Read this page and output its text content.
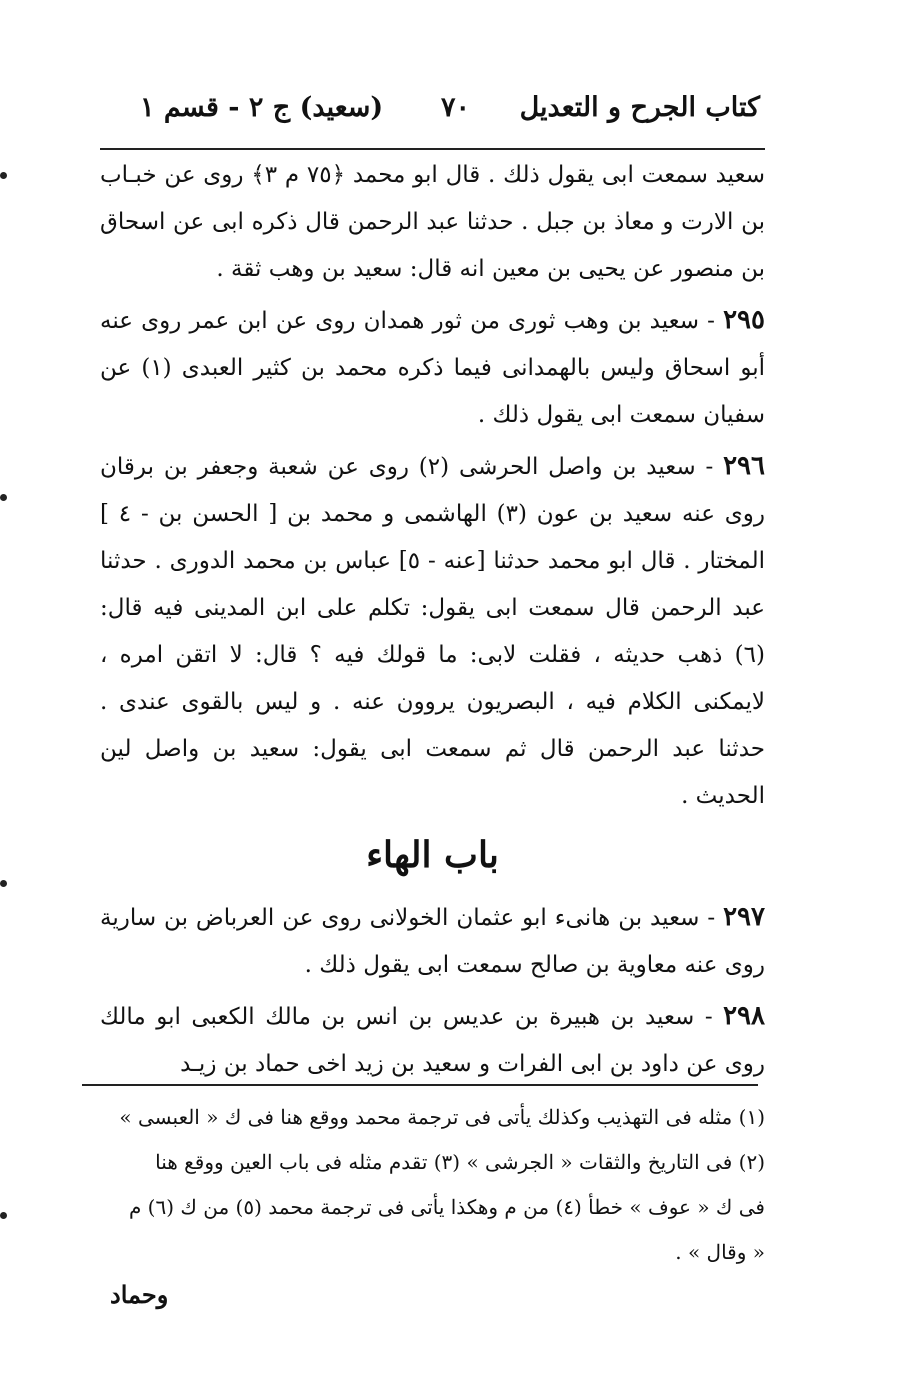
كتاب الجرح و التعديل
٧٠
(سعيد) ج ٢ - قسم ١

سعيد سمعت ابى يقول ذلك . قال ابو محمد ﴿٧٥ م ٣﴾ روى عن خبـاب بن الارت و معاذ بن جبل . حدثنا عبد الرحمن قال ذكره ابى عن اسحاق بن منصور عن يحيى بن معين انه قال: سعيد بن وهب ثقة .

٢٩٥ - سعيد بن وهب ثورى من ثور همدان روى عن ابن عمر روى عنه أبو اسحاق وليس بالهمدانى فيما ذكره محمد بن كثير العبدى (١) عن سفيان سمعت ابى يقول ذلك .

٢٩٦ - سعيد بن واصل الحرشى (٢) روى عن شعبة وجعفر بن برقان روى عنه سعيد بن عون (٣) الهاشمى و محمد بن [ الحسن بن - ٤ ] المختار . قال ابو محمد حدثنا [عنه - ٥] عباس بن محمد الدورى . حدثنا عبد الرحمن قال سمعت ابى يقول: تكلم على ابن المدينى فيه قال: (٦) ذهب حديثه ، فقلت لابى: ما قولك فيه ؟ قال: لا اتقن امره ، لايمكنى الكلام فيه ، البصريون يروون عنه . و ليس بالقوى عندى . حدثنا عبد الرحمن قال ثم سمعت ابى يقول: سعيد بن واصل لين الحديث .

باب الهاء

٢٩٧ - سعيد بن هانىء ابو عثمان الخولانى روى عن العرباض بن سارية روى عنه معاوية بن صالح سمعت ابى يقول ذلك .

٢٩٨ - سعيد بن هبيرة بن عديس بن انس بن مالك الكعبى ابو مالك روى عن داود بن ابى الفرات و سعيد بن زيد اخى حماد بن زيـد

(١) مثله فى التهذيب وكذلك يأتى فى ترجمة محمد ووقع هنا فى ك « العبسى »

(٢) فى التاريخ والثقات « الجرشى » (٣) تقدم مثله فى باب العين ووقع هنا

فى ك « عوف » خطأ (٤) من م وهكذا يأتى فى ترجمة محمد (٥) من ك (٦) م

« وقال » .

وحماد
